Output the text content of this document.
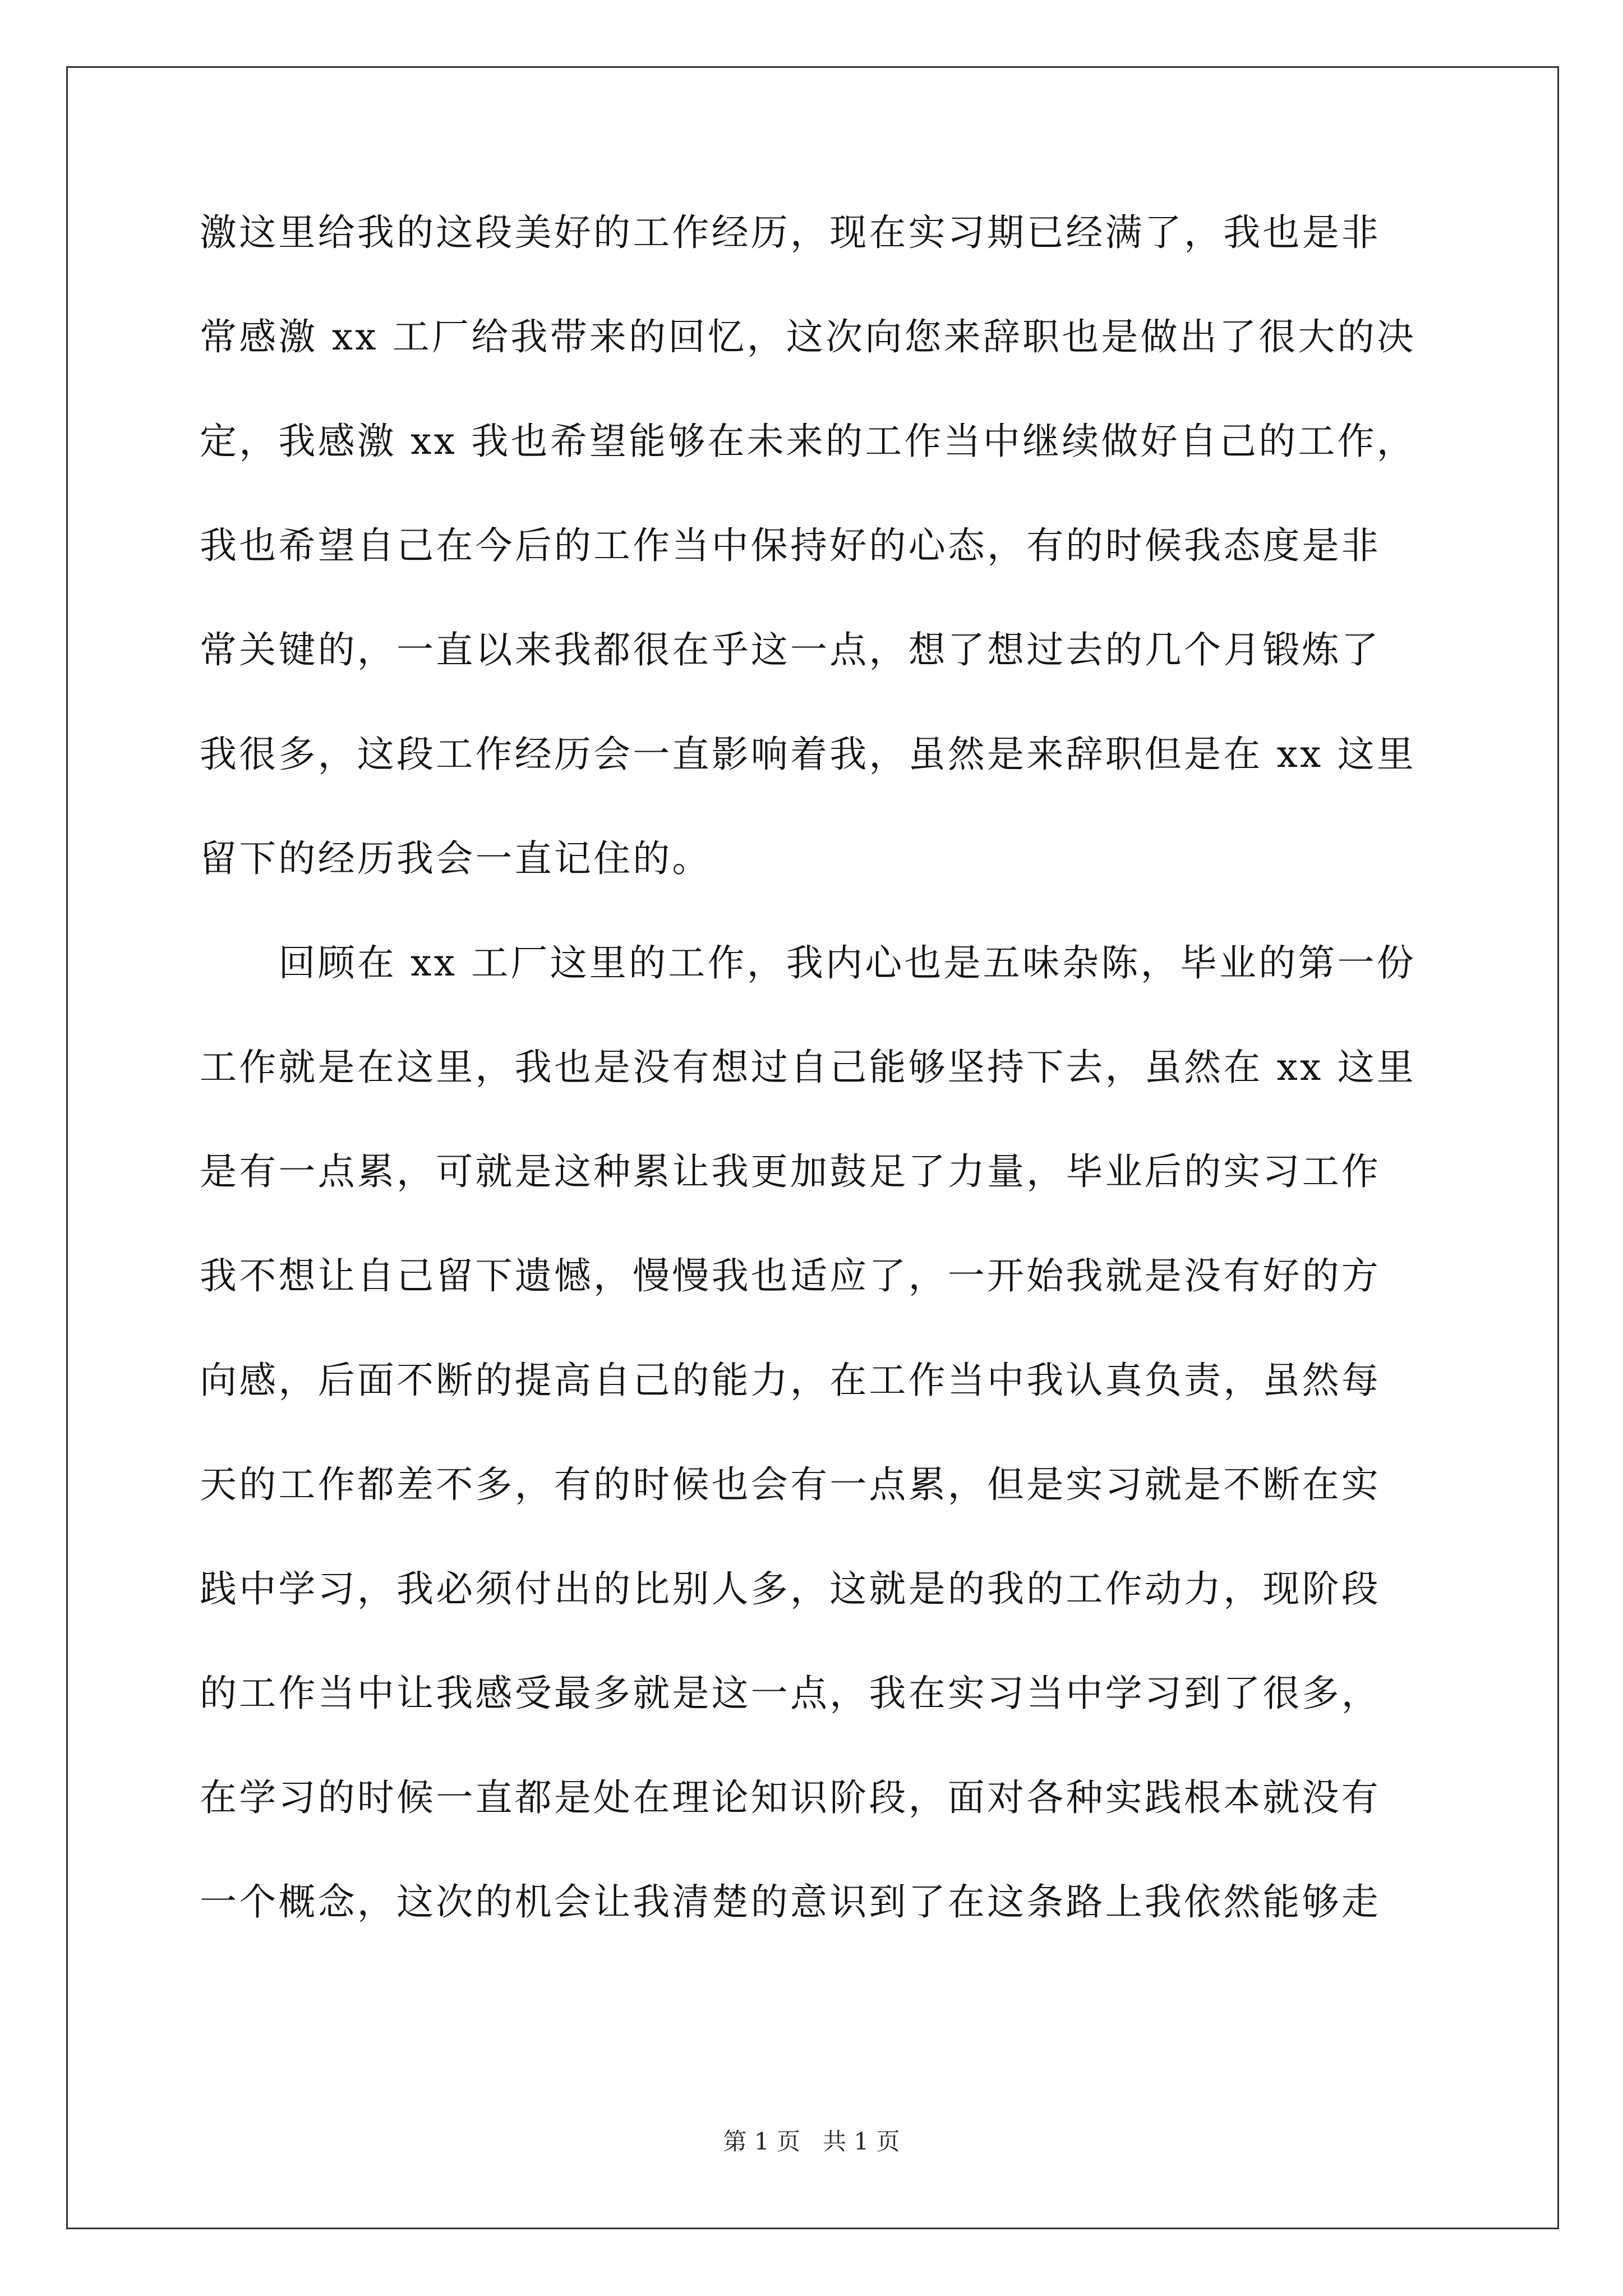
激这里给我的这段美好的工作经历，现在实习期已经满了，我也是非
常感激 xx 工厂给我带来的回忆，这次向您来辞职也是做出了很大的决
定，我感激 xx 我也希望能够在未来的工作当中继续做好自己的工作，
我也希望自己在今后的工作当中保持好的心态，有的时候我态度是非
常关键的，一直以来我都很在乎这一点，想了想过去的几个月锻炼了
我很多，这段工作经历会一直影响着我，虽然是来辞职但是在 xx 这里
留下的经历我会一直记住的。
　　回顾在 xx 工厂这里的工作，我内心也是五味杂陈，毕业的第一份
工作就是在这里，我也是没有想过自己能够坚持下去，虽然在 xx 这里
是有一点累，可就是这种累让我更加鼓足了力量，毕业后的实习工作
我不想让自己留下遗憾，慢慢我也适应了，一开始我就是没有好的方
向感，后面不断的提高自己的能力，在工作当中我认真负责，虽然每
天的工作都差不多，有的时候也会有一点累，但是实习就是不断在实
践中学习，我必须付出的比别人多，这就是的我的工作动力，现阶段
的工作当中让我感受最多就是这一点，我在实习当中学习到了很多，
在学习的时候一直都是处在理论知识阶段，面对各种实践根本就没有
一个概念，这次的机会让我清楚的意识到了在这条路上我依然能够走
第 1 页   共 1 页
